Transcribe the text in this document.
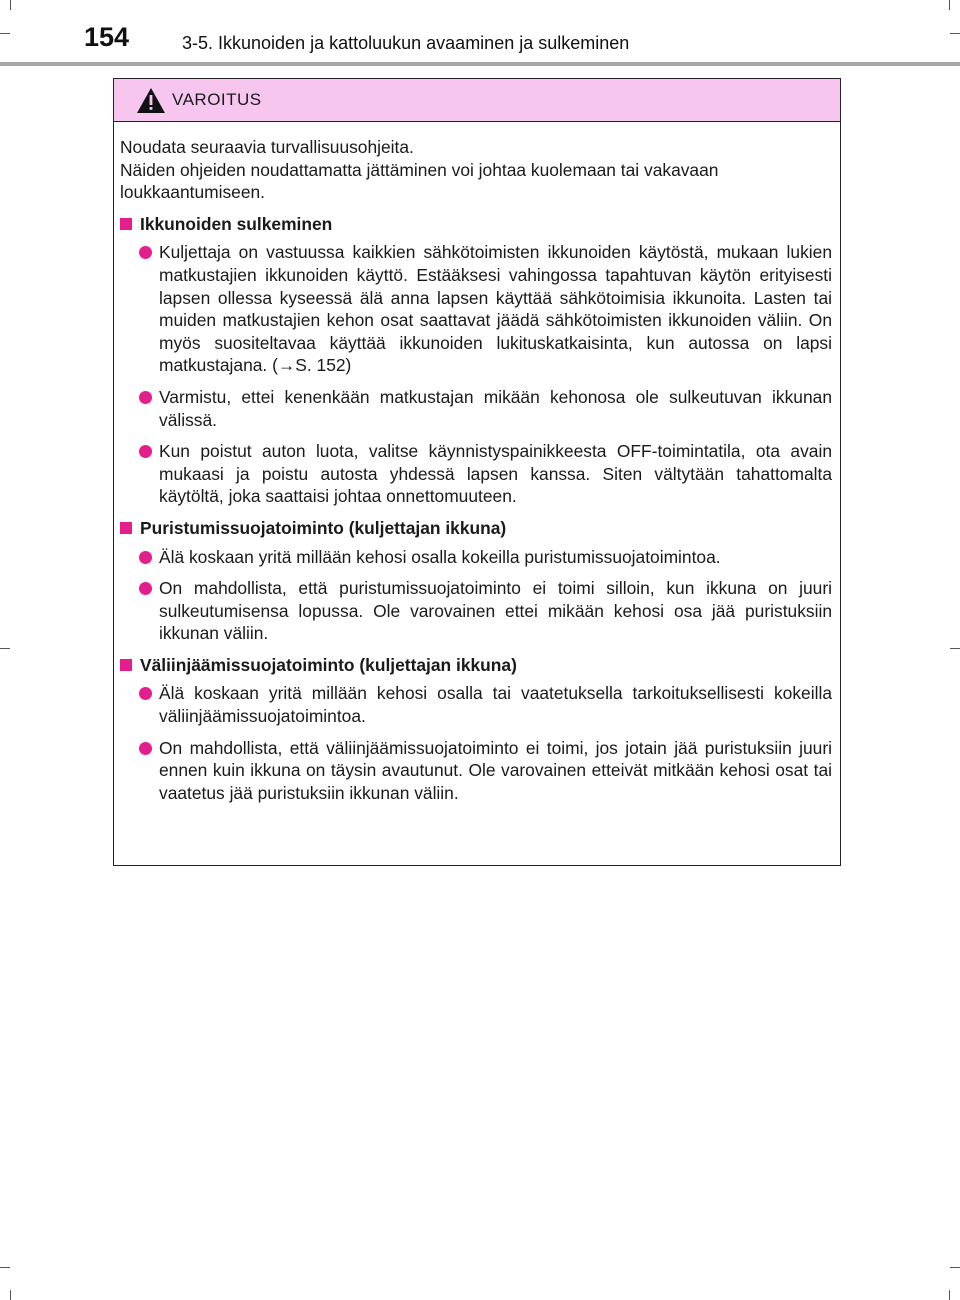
154	3-5. Ikkunoiden ja kattoluukun avaaminen ja sulkeminen
VAROITUS

Noudata seuraavia turvallisuusohjeita.

Näiden ohjeiden noudattamatta jättäminen voi johtaa kuolemaan tai vakavaan loukkaantumiseen.

Ikkunoiden sulkeminen
Kuljettaja on vastuussa kaikkien sähkötoimisten ikkunoiden käytöstä, mukaan lukien matkustajien ikkunoiden käyttö. Estääksesi vahingossa tapahtuvan käytön erityisesti lapsen ollessa kyseessä älä anna lapsen käyttää sähkötoimisia ikkunoita. Lasten tai muiden matkustajien kehon osat saattavat jäädä sähkötoimisten ikkunoiden väliin. On myös suositeltavaa käyttää ikkunoiden lukituskatkaisinta, kun autossa on lapsi matkustajana. (→S. 152)
Varmistu, ettei kenenkään matkustajan mikään kehonosa ole sulkeutuvan ikkunan välissä.
Kun poistut auton luota, valitse käynnistyspainikkeesta OFF-toimintatila, ota avain mukaasi ja poistu autosta yhdessä lapsen kanssa. Siten vältytään tahattomalta käytöltä, joka saattaisi johtaa onnettomuuteen.
Puristumissuojatoiminto (kuljettajan ikkuna)
Älä koskaan yritä millään kehosi osalla kokeilla puristumissuojatoimintoa.
On mahdollista, että puristumissuojatoiminto ei toimi silloin, kun ikkuna on juuri sulkeutumisensa lopussa. Ole varovainen ettei mikään kehosi osa jää puristuksiin ikkunan väliin.
Väliinjäämissuojatoiminto (kuljettajan ikkuna)
Älä koskaan yritä millään kehosi osalla tai vaatetuksella tarkoituksellisesti kokeilla väliinjäämissuojatoimintoa.
On mahdollista, että väliinjäämissuojatoiminto ei toimi, jos jotain jää puristuksiin juuri ennen kuin ikkuna on täysin avautunut. Ole varovainen etteivät mitkään kehosi osat tai vaatetus jää puristuksiin ikkunan väliin.
